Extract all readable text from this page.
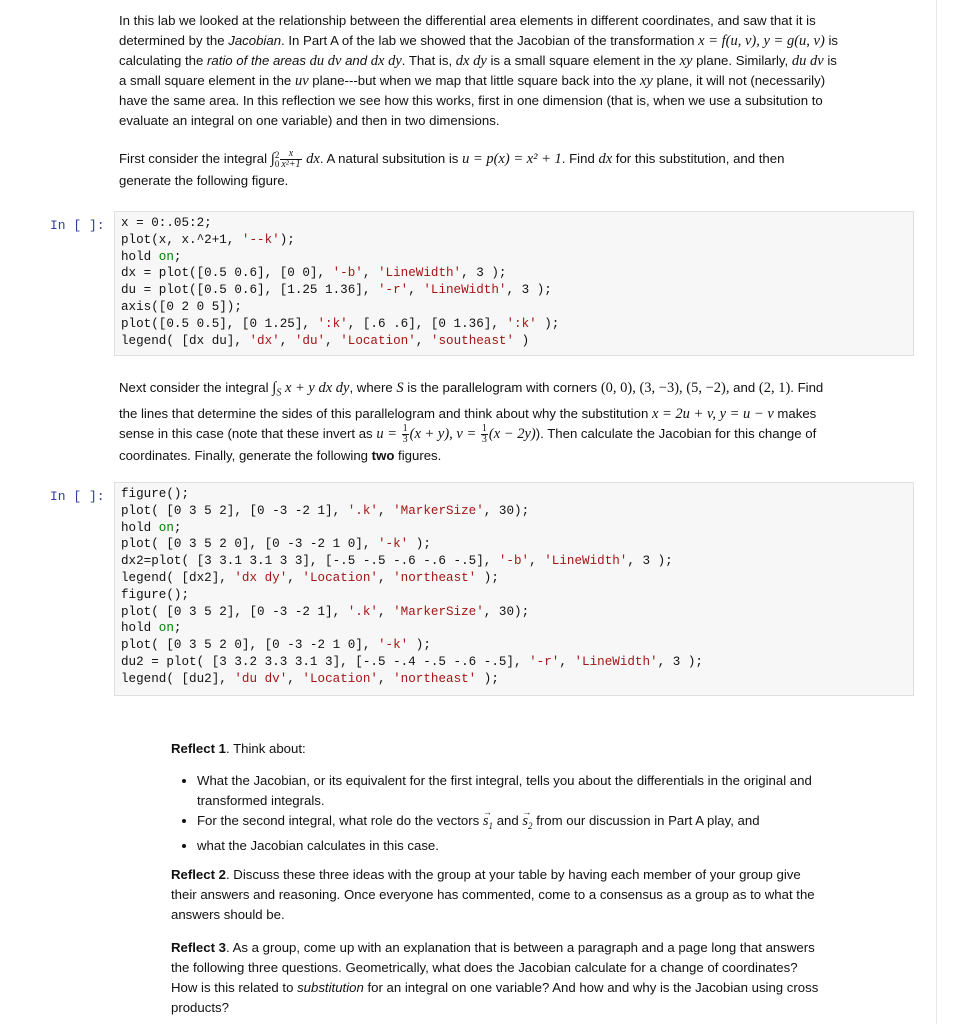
In this lab we looked at the relationship between the differential area elements in different coordinates, and saw that it is

determined by the Jacobian. In Part A of the lab we showed that the Jacobian of the transformation x = f(u, v), y = g(u, v) is

calculating the ratio of the areas du dv and dx dy. That is, dx dy is a small square element in the xy plane. Similarly, du dv is

a small square element in the uv plane---but when we map that little square back into the xy plane, it will not (necessarily)

have the same area. In this reflection we see how this works, first in one dimension (that is, when we use a subsitution to

evaluate an integral on one variable) and then in two dimensions.

First consider the integral ∫ 2
$0 \frac{x}{\text{x²+1}}$ dx. A natural subsitution is u = p(x) = x² + 1. Find dx for this substitution, and then

generate the following figure.

In [ ]: x = 0:.05:2;
plot(x, x.^2+1, '--k');
hold on;
dx = plot([0.5 0.6], [0 0], '-b', 'LineWidth', 3 );
du = plot([0.5 0.6], [1.25 1.36], '-r', 'LineWidth', 3 );
axis([0 2 0 5]);
plot([0.5 0.5], [0 1.25], ':k', [.6 .6], [0 1.36], ':k' );
legend( [dx du], 'dx', 'du', 'Location', 'southeast' )

Next consider the integral $\int_S$ x + y dx dy, where S is the parallelogram with corners (0, 0), (3, −3), (5, −2), and (2, 1). Find

the lines that determine the sides of this parallelogram and think about why the substitution x = 2u + v, y = u − v makes

sense in this case (note that these invert as $u = \frac{1}{3} (x + y)$, $v = \frac{1}{3} (x - 2y)$). Then calculate the Jacobian for this change of

coordinates. Finally, generate the following two figures.

In [ ]: figure();
plot( [0 3 5 2], [0 -3 -2 1], '.k', 'MarkerSize', 30);
hold on;
plot( [0 3 5 2 0], [0 -3 -2 1 0], '-k' );
dx2=plot( [3 3.1 3.1 3 3], [-.5 -.5 -.6 -.6 -.5], '-b', 'LineWidth', 3 );
legend( [dx2], 'dx dy', 'Location', 'northeast' );
figure();
plot( [0 3 5 2], [0 -3 -2 1], '.k', 'MarkerSize', 30);
hold on;
plot( [0 3 5 2 0], [0 -3 -2 1 0], '-k' );
du2 = plot( [3 3.2 3.3 3.1 3], [-.5 -.4 -.5 -.6 -.5], '-r', 'LineWidth', 3 );
legend( [du2], 'du dv', 'Location', 'northeast' );

Reflect 1. Think about:

• What the Jacobian, or its equivalent for the first integral, tells you about the differentials in the original and
transformed integrals.
• For the second integral, what role do the vectors → $s_1$ and → $s_2$ from our discussion in Part A play, and
• what the Jacobian calculates in this case.

Reflect 2. Discuss these three ideas with the group at your table by having each member of your group give

their answers and reasoning. Once everyone has commented, come to a consensus as a group as to what the

answers should be.

Reflect 3. As a group, come up with an explanation that is between a paragraph and a page long that answers

the following three questions. Geometrically, what does the Jacobian calculate for a change of coordinates?

How is this related to substitution for an integral on one variable? And how and why is the Jacobian using cross

products?
